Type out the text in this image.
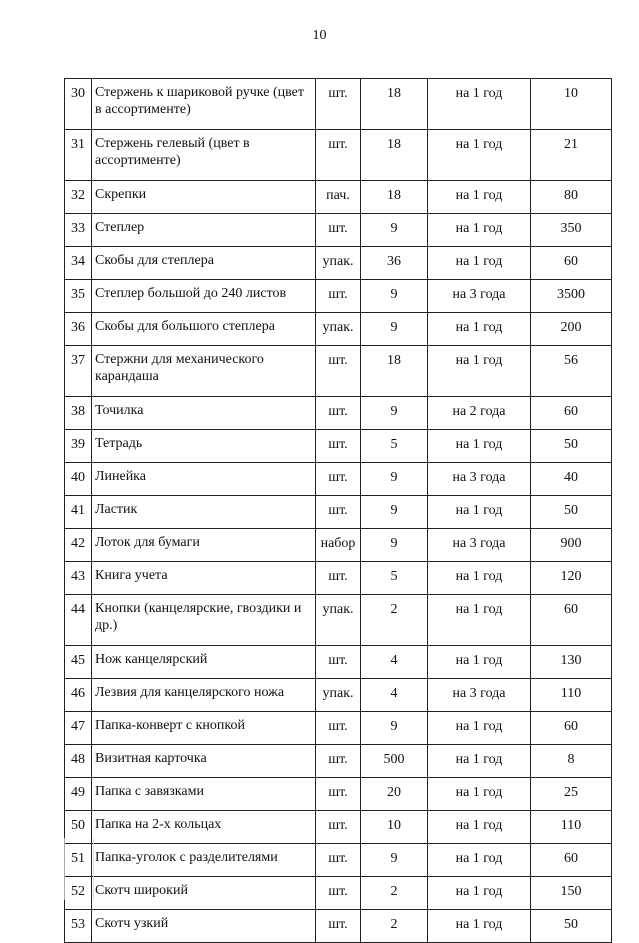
10
30	Стержень к шариковой ручке (цвет в ассортименте)	шт.	18	на 1 год	10
31	Стержень гелевый (цвет в ассортименте)	шт.	18	на 1 год	21
32	Скрепки	пач.	18	на 1 год	80
33	Степлер	шт.	9	на 1 год	350
34	Скобы для степлера	упак.	36	на 1 год	60
35	Степлер большой до 240 листов	шт.	9	на 3 года	3500
36	Скобы для большого степлера	упак.	9	на 1 год	200
37	Стержни для механического карандаша	шт.	18	на 1 год	56
38	Точилка	шт.	9	на 2 года	60
39	Тетрадь	шт.	5	на 1 год	50
40	Линейка	шт.	9	на 3 года	40
41	Ластик	шт.	9	на 1 год	50
42	Лоток для бумаги	набор	9	на 3 года	900
43	Книга учета	шт.	5	на 1 год	120
44	Кнопки (канцелярские, гвоздики и др.)	упак.	2	на 1 год	60
45	Нож канцелярский	шт.	4	на 1 год	130
46	Лезвия для канцелярского ножа	упак.	4	на 3 года	110
47	Папка-конверт с кнопкой	шт.	9	на 1 год	60
48	Визитная карточка	шт.	500	на 1 год	8
49	Папка с завязками	шт.	20	на 1 год	25
50	Папка на 2-х кольцах	шт.	10	на 1 год	110
51	Папка-уголок с разделителями	шт.	9	на 1 год	60
52	Скотч широкий	шт.	2	на 1 год	150
53	Скотч узкий	шт.	2	на 1 год	50
